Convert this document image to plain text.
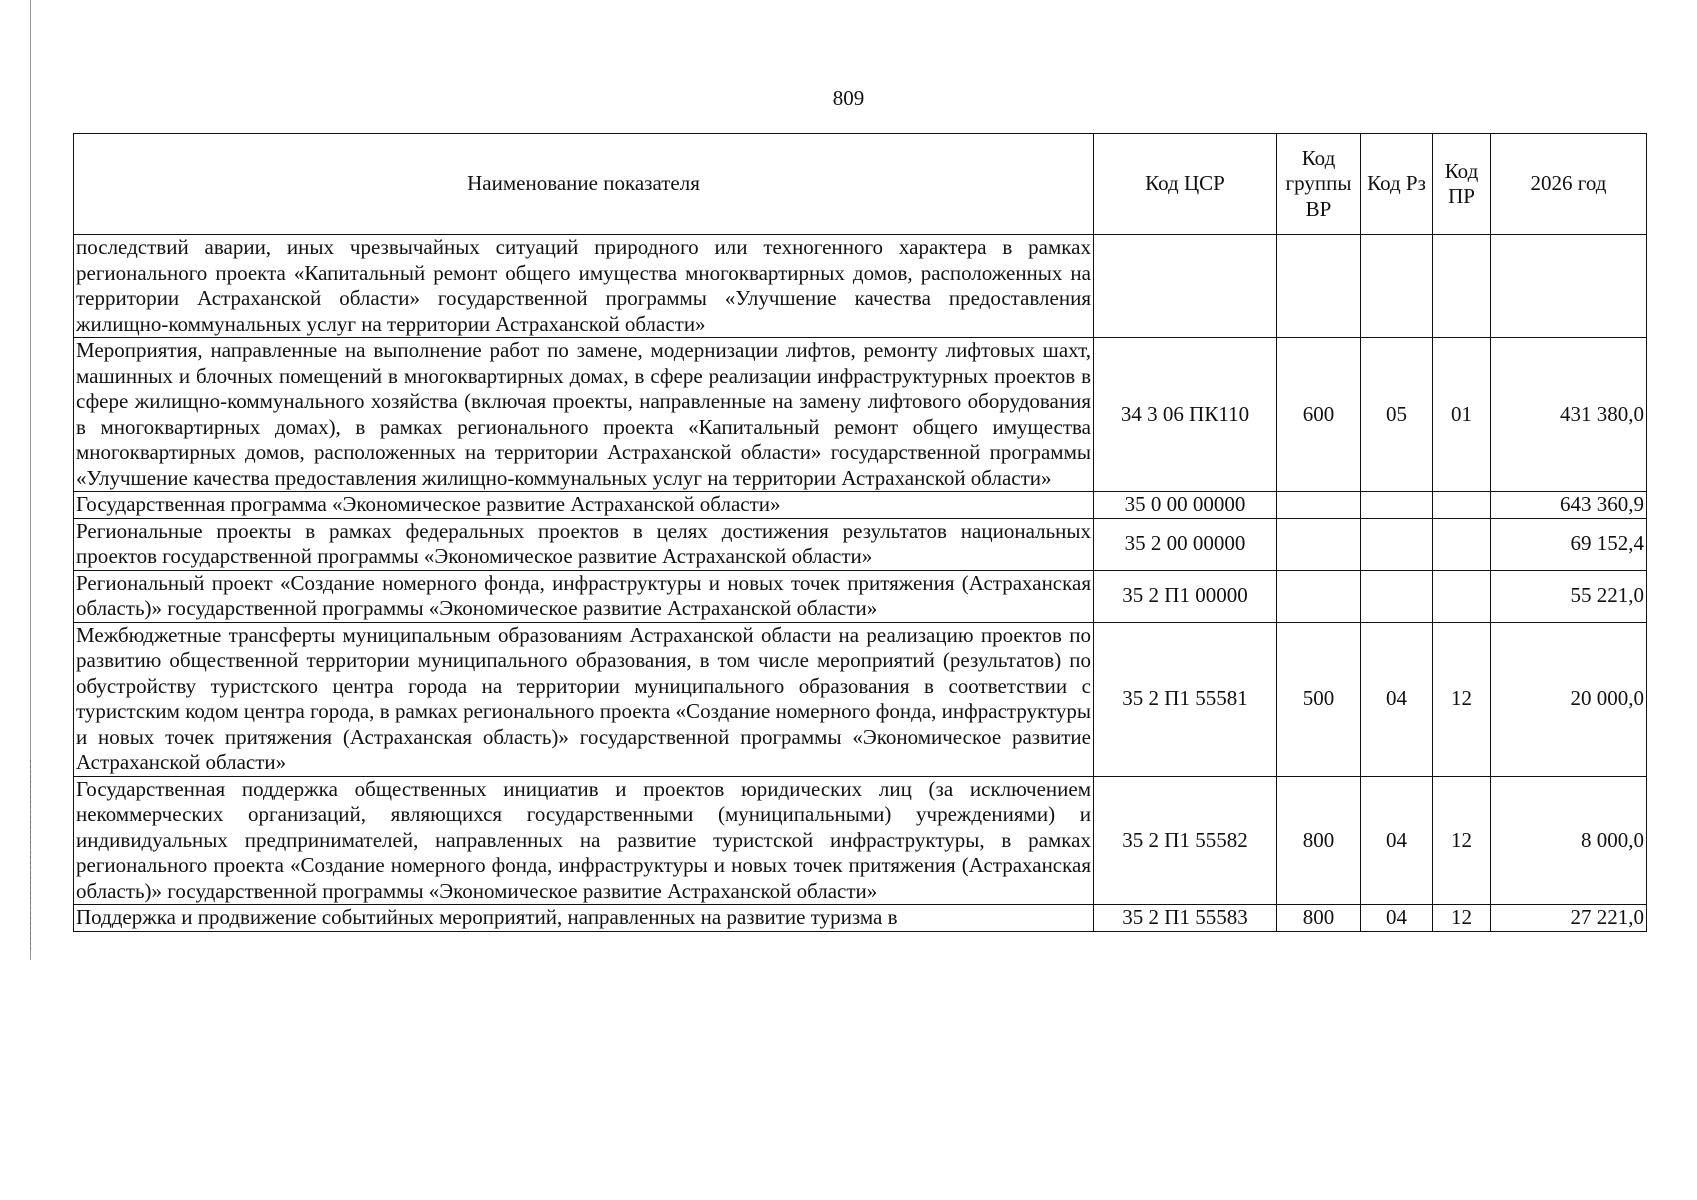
809
Наименование показателя	Код ЦСР	Код группы ВР	Код Рз	Код ПР	2026 год
последствий аварии, иных чрезвычайных ситуаций природного или техногенного характера в рамках регионального проекта «Капитальный ремонт общего имущества многоквартирных домов, расположенных на территории Астраханской области» государственной программы «Улучшение качества предоставления жилищно-коммунальных услуг на территории Астраханской области»					
Мероприятия, направленные на выполнение работ по замене, модернизации лифтов, ремонту лифтовых шахт, машинных и блочных помещений в многоквартирных домах, в сфере реализации инфраструктурных проектов в сфере жилищно-коммунального хозяйства (включая проекты, направленные на замену лифтового оборудования в многоквартирных домах), в рамках регионального проекта «Капитальный ремонт общего имущества многоквартирных домов, расположенных на территории Астраханской области» государственной программы «Улучшение качества предоставления жилищно-коммунальных услуг на территории Астраханской области»	34 3 06 ПК110	600	05	01	431 380,0
Государственная программа «Экономическое развитие Астраханской области»	35 0 00 00000				643 360,9
Региональные проекты в рамках федеральных проектов в целях достижения результатов национальных проектов государственной программы «Экономическое развитие Астраханской области»	35 2 00 00000				69 152,4
Региональный проект «Создание номерного фонда, инфраструктуры и новых точек притяжения (Астраханская область)» государственной программы «Экономическое развитие Астраханской области»	35 2 П1 00000				55 221,0
Межбюджетные трансферты муниципальным образованиям Астраханской области на реализацию проектов по развитию общественной территории муниципального образования, в том числе мероприятий (результатов) по обустройству туристского центра города на территории муниципального образования в соответствии с туристским кодом центра города, в рамках регионального проекта «Создание номерного фонда, инфраструктуры и новых точек притяжения (Астраханская область)» государственной программы «Экономическое развитие Астраханской области»	35 2 П1 55581	500	04	12	20 000,0
Государственная поддержка общественных инициатив и проектов юридических лиц (за исключением некоммерческих организаций, являющихся государственными (муниципальными) учреждениями) и индивидуальных предпринимателей, направленных на развитие туристской инфраструктуры, в рамках регионального проекта «Создание номерного фонда, инфраструктуры и новых точек притяжения (Астраханская область)» государственной программы «Экономическое развитие Астраханской области»	35 2 П1 55582	800	04	12	8 000,0
Поддержка и продвижение событийных мероприятий, направленных на развитие туризма в	35 2 П1 55583	800	04	12	27 221,0
